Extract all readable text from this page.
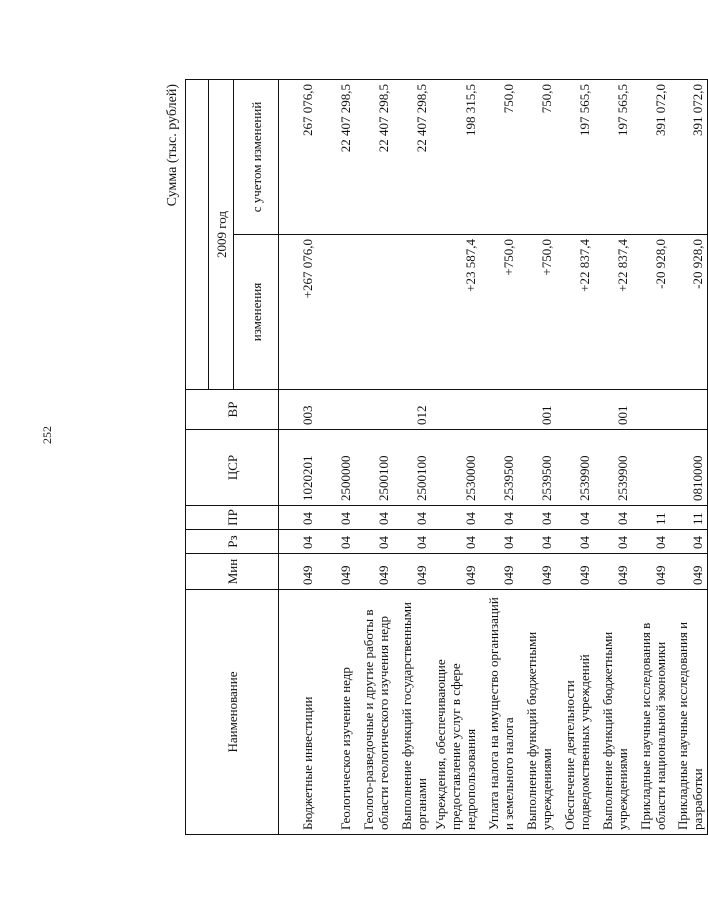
252
Сумма (тыс. рублей)
Наименование	Мин	Рз	ПР	ЦСР	ВР		
						2009 год	
						изменения	с учетом изменений
Бюджетные инвестиции	049	04	04	1020201	003	+267 076,0	267 076,0
Геологическое изучение недр	049	04	04	2500000			22 407 298,5
Геолого-разведочные и другие работы в области геологического изучения недр	049	04	04	2500100			22 407 298,5
Выполнение функций государственными органами	049	04	04	2500100	012		22 407 298,5
Учреждения, обеспечивающие предоставление услуг в сфере недропользования	049	04	04	2530000		+23 587,4	198 315,5
Уплата налога на имущество организаций и земельного налога	049	04	04	2539500		+750,0	750,0
Выполнение функций бюджетными учреждениями	049	04	04	2539500	001	+750,0	750,0
Обеспечение деятельности подведомственных учреждений	049	04	04	2539900		+22 837,4	197 565,5
Выполнение функций бюджетными учреждениями	049	04	04	2539900	001	+22 837,4	197 565,5
Прикладные научные исследования в области национальной экономики	049	04	11			-20 928,0	391 072,0
Прикладные научные исследования и разработки	049	04	11	0810000		-20 928,0	391 072,0
